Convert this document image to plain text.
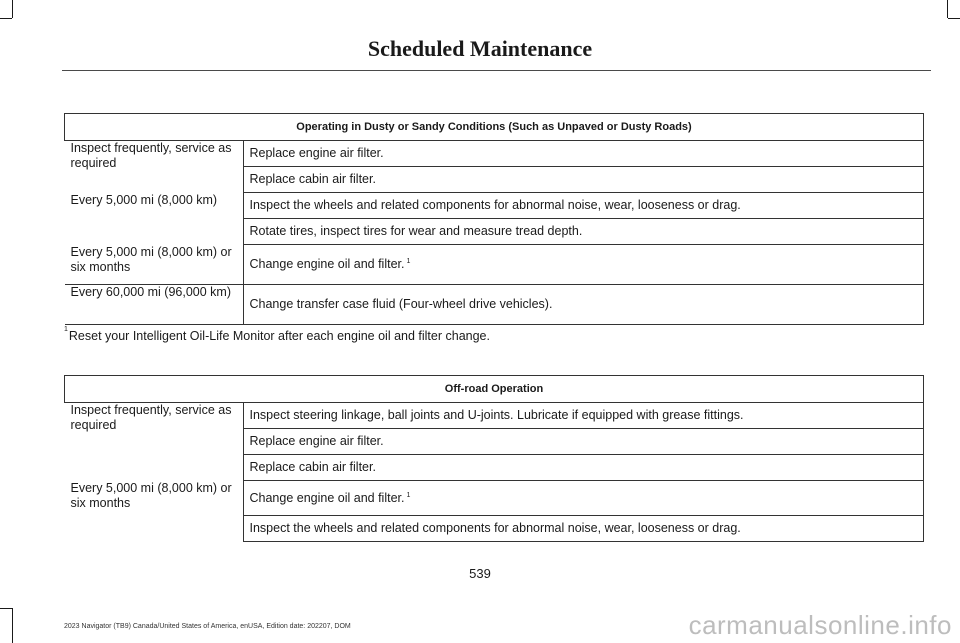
Scheduled Maintenance
Operating in Dusty or Sandy Conditions (Such as Unpaved or Dusty Roads)	
Inspect frequently, service as required	Replace engine air filter.
	Replace cabin air filter.
Every 5,000 mi (8,000 km)	Inspect the wheels and related components for abnormal noise, wear, looseness or drag.
	Rotate tires, inspect tires for wear and measure tread depth.
Every 5,000 mi (8,000 km) or six months	Change engine oil and filter. $^1$
Every 60,000 mi (96,000 km)	Change transfer case fluid (Four-wheel drive vehicles).
$^1$Reset your Intelligent Oil-Life Monitor after each engine oil and filter change.
Off-road Operation	
Inspect frequently, service as required	Inspect steering linkage, ball joints and U-joints. Lubricate if equipped with grease fittings.
	Replace engine air filter.
	Replace cabin air filter.
Every 5,000 mi (8,000 km) or six months	Change engine oil and filter. $^1$
	Inspect the wheels and related components for abnormal noise, wear, looseness or drag.
539
2023 Navigator (TB9) Canada/United States of America, enUSA, Edition date: 202207, DOM	carmanualsonline.info
